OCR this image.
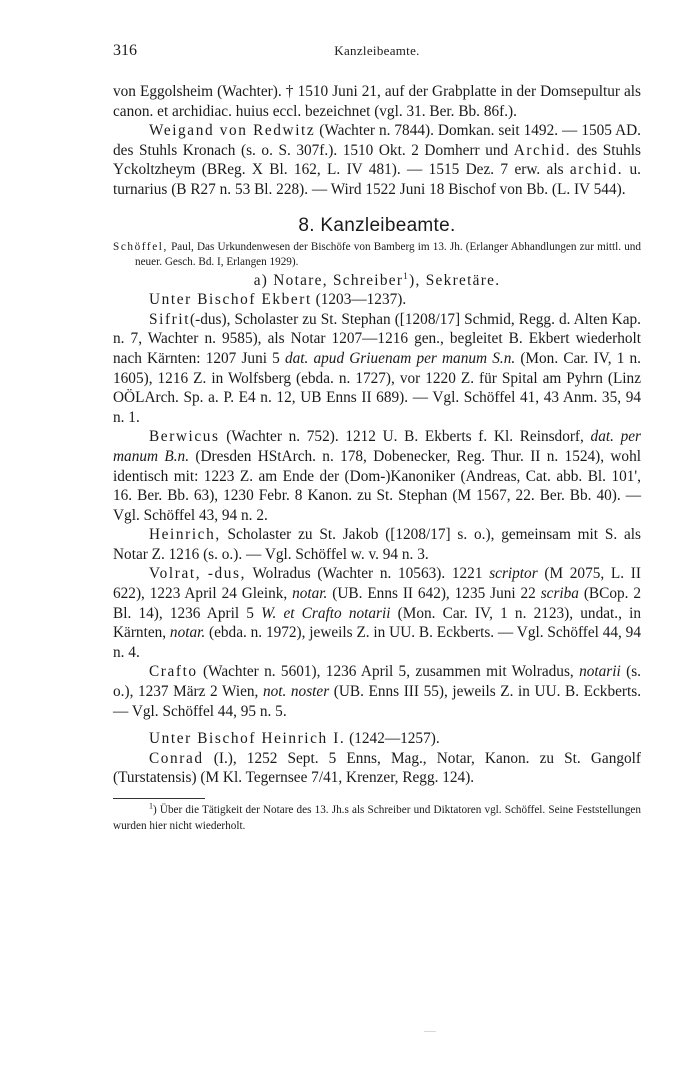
316	Kanzleibeamte.

von Eggolsheim (Wachter). † 1510 Juni 21, auf der Grabplatte in der Domsepultur als canon. et archidiac. huius eccl. bezeichnet (vgl. 31. Ber. Bb. 86f.).

Weigand von Redwitz (Wachter n. 7844). Domkan. seit 1492. — 1505 AD. des Stuhls Kronach (s. o. S. 307f.). 1510 Okt. 2 Domherr und Archid. des Stuhls Yckoltzheym (BReg. X Bl. 162, L. IV 481). — 1515 Dez. 7 erw. als archid. u. turnarius (B R27 n. 53 Bl. 228). — Wird 1522 Juni 18 Bischof von Bb. (L. IV 544).

8. Kanzleibeamte.

Schöffel, Paul, Das Urkundenwesen der Bischöfe von Bamberg im 13. Jh. (Erlanger Abhandlungen zur mittl. und neuer. Gesch. Bd. I, Erlangen 1929).

a) Notare, Schreiber$^1$), Sekretäre.

Unter Bischof Ekbert (1203—1237).

Sifrit(-dus), Scholaster zu St. Stephan ([1208/17] Schmid, Regg. d. Alten Kap. n. 7, Wachter n. 9585), als Notar 1207—1216 gen., begleitet B. Ekbert wiederholt nach Kärnten: 1207 Juni 5 dat. apud Griuenam per manum S.n. (Mon. Car. IV, 1 n. 1605), 1216 Z. in Wolfsberg (ebda. n. 1727), vor 1220 Z. für Spital am Pyhrn (Linz OÖLArch. Sp. a. P. E4 n. 12, UB Enns II 689). — Vgl. Schöffel 41, 43 Anm. 35, 94 n. 1.

Berwicus (Wachter n. 752). 1212 U. B. Ekberts f. Kl. Reinsdorf, dat. per manum B.n. (Dresden HStArch. n. 178, Dobenecker, Reg. Thur. II n. 1524), wohl identisch mit: 1223 Z. am Ende der (Dom-)Kanoniker (Andreas, Cat. abb. Bl. 101', 16. Ber. Bb. 63), 1230 Febr. 8 Kanon. zu St. Stephan (M 1567, 22. Ber. Bb. 40). — Vgl. Schöffel 43, 94 n. 2.

Heinrich, Scholaster zu St. Jakob ([1208/17] s. o.), gemeinsam mit S. als Notar Z. 1216 (s. o.). — Vgl. Schöffel w. v. 94 n. 3.

Volrat, -dus, Wolradus (Wachter n. 10563). 1221 scriptor (M 2075, L. II 622), 1223 April 24 Gleink, notar. (UB. Enns II 642), 1235 Juni 22 scriba (BCop. 2 Bl. 14), 1236 April 5 W. et Crafto notarii (Mon. Car. IV, 1 n. 2123), undat., in Kärnten, notar. (ebda. n. 1972), jeweils Z. in UU. B. Eckberts. — Vgl. Schöffel 44, 94 n. 4.

Crafto (Wachter n. 5601), 1236 April 5, zusammen mit Wolradus, notarii (s. o.), 1237 März 2 Wien, not. noster (UB. Enns III 55), jeweils Z. in UU. B. Eckberts. — Vgl. Schöffel 44, 95 n. 5.

Unter Bischof Heinrich I. (1242—1257).

Conrad (I.), 1252 Sept. 5 Enns, Mag., Notar, Kanon. zu St. Gangolf (Turstatensis) (M Kl. Tegernsee 7/41, Krenzer, Regg. 124).

$^1$) Über die Tätigkeit der Notare des 13. Jh.s als Schreiber und Diktatoren vgl. Schöffel. Seine Feststellungen wurden hier nicht wiederholt.
